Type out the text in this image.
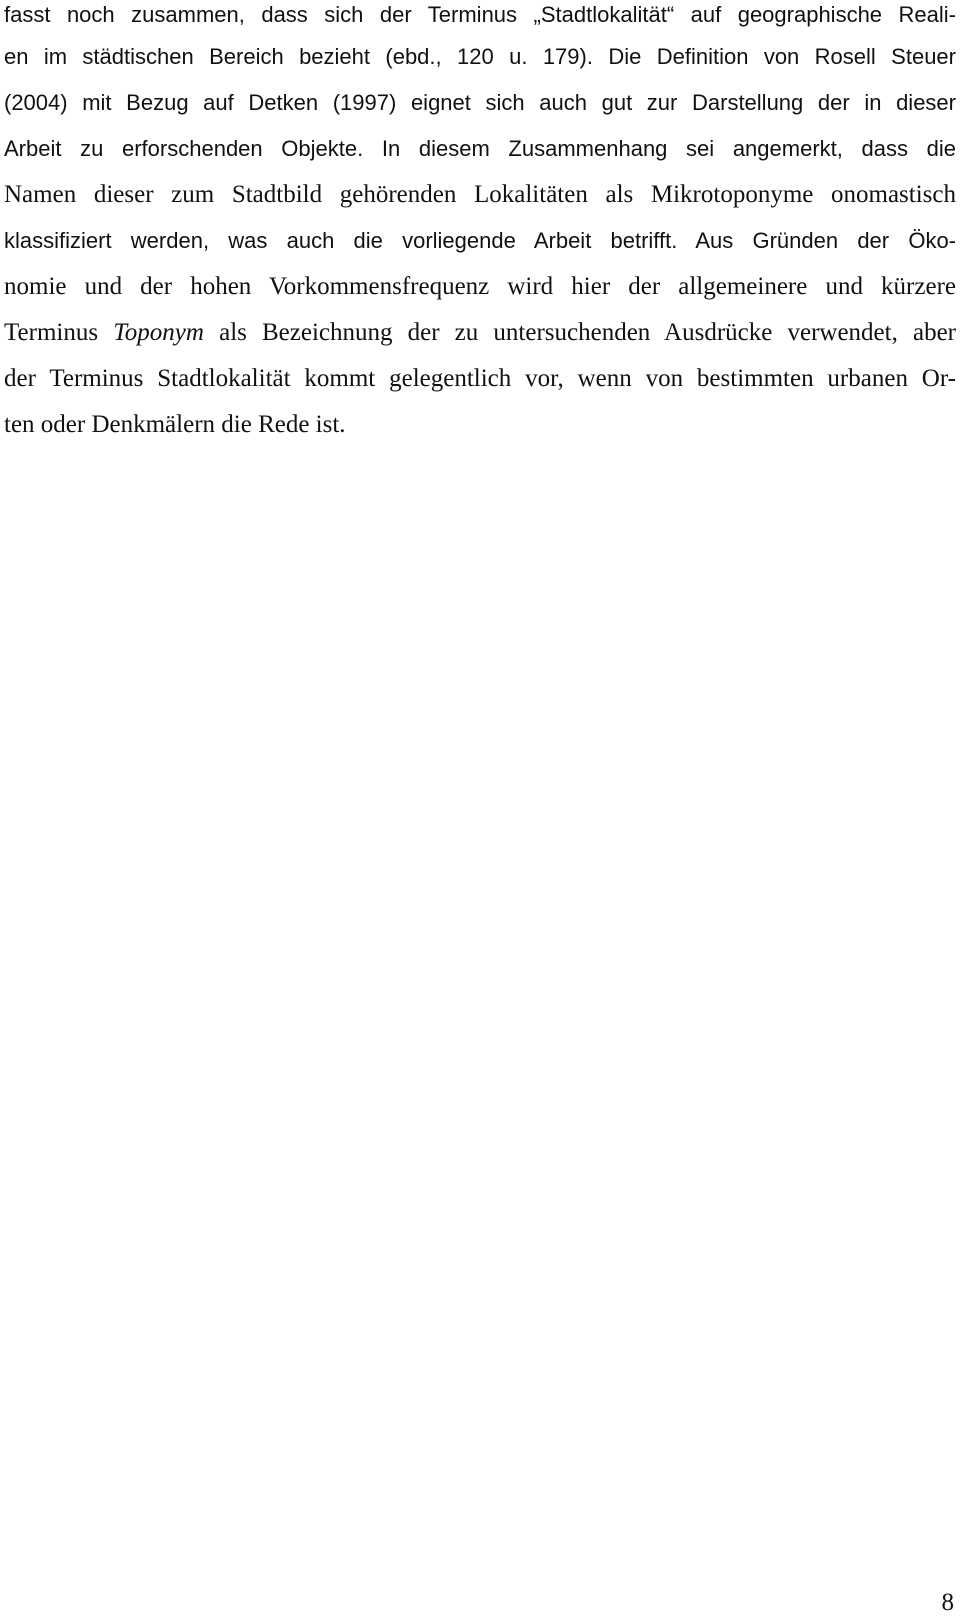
fasst noch zusammen, dass sich der Terminus „Stadtlokalität“ auf geographische Reali-

en im städtischen Bereich bezieht (ebd., 120 u. 179). Die Definition von Rosell Steuer

(2004) mit Bezug auf Detken (1997) eignet sich auch gut zur Darstellung der in dieser

Arbeit zu erforschenden Objekte. In diesem Zusammenhang sei angemerkt, dass die

Namen dieser zum Stadtbild gehörenden Lokalitäten als Mikrotoponyme onomastisch

klassifiziert werden, was auch die vorliegende Arbeit betrifft. Aus Gründen der Öko-

nomie und der hohen Vorkommensfrequenz wird hier der allgemeinere und kürzere

Terminus Toponym als Bezeichnung der zu untersuchenden Ausdrücke verwendet, aber

der Terminus Stadtlokalität kommt gelegentlich vor, wenn von bestimmten urbanen Or-

ten oder Denkmälern die Rede ist.

8
